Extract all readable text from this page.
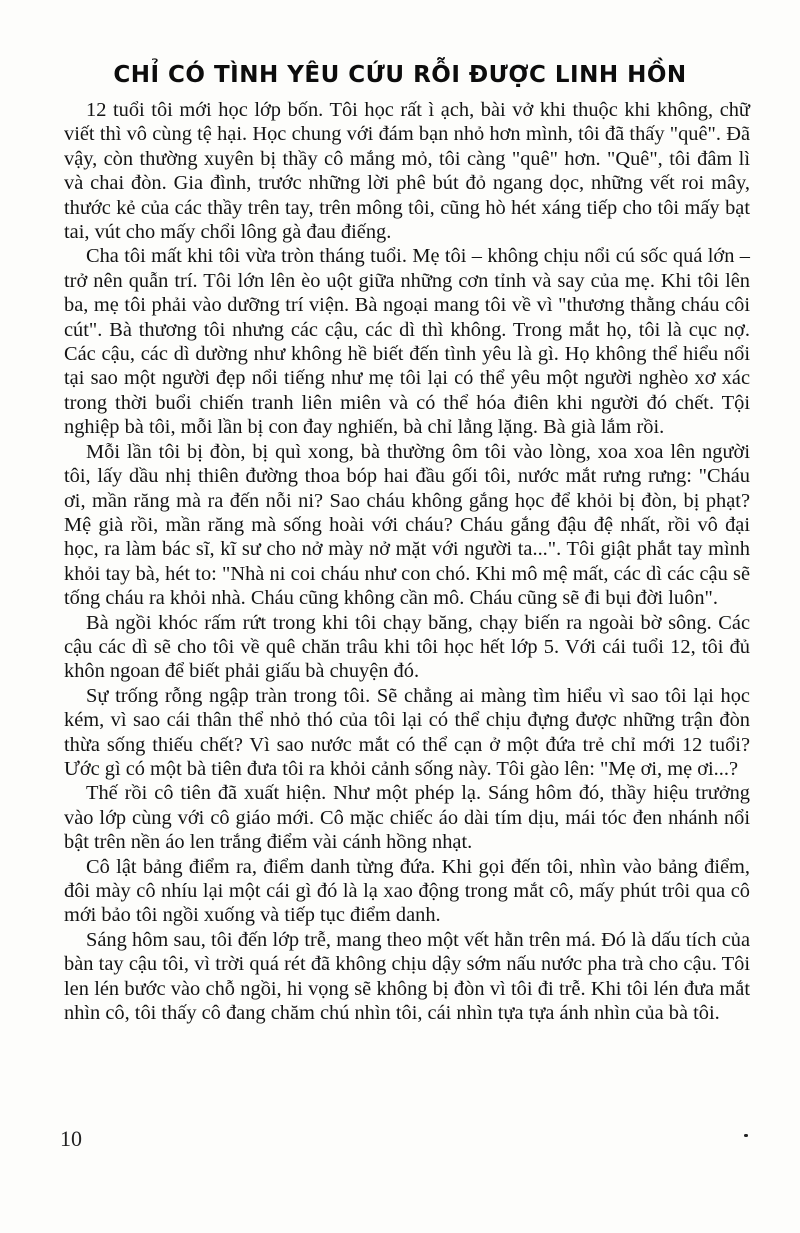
CHỈ CÓ TÌNH YÊU CỨU RỖI ĐƯỢC LINH HỒN

12 tuổi tôi mới học lớp bốn. Tôi học rất ì ạch, bài vở khi thuộc khi không, chữ viết thì vô cùng tệ hại. Học chung với đám bạn nhỏ hơn mình, tôi đã thấy "quê". Đã vậy, còn thường xuyên bị thầy cô mắng mỏ, tôi càng "quê" hơn. "Quê", tôi đâm lì và chai đòn. Gia đình, trước những lời phê bút đỏ ngang dọc, những vết roi mây, thước kẻ của các thầy trên tay, trên mông tôi, cũng hò hét xáng tiếp cho tôi mấy bạt tai, vút cho mấy chổi lông gà đau điếng.

Cha tôi mất khi tôi vừa tròn tháng tuổi. Mẹ tôi – không chịu nổi cú sốc quá lớn – trở nên quẫn trí. Tôi lớn lên èo uột giữa những cơn tỉnh và say của mẹ. Khi tôi lên ba, mẹ tôi phải vào dưỡng trí viện. Bà ngoại mang tôi về vì "thương thằng cháu côi cút". Bà thương tôi nhưng các cậu, các dì thì không. Trong mắt họ, tôi là cục nợ. Các cậu, các dì dường như không hề biết đến tình yêu là gì. Họ không thể hiểu nổi tại sao một người đẹp nổi tiếng như mẹ tôi lại có thể yêu một người nghèo xơ xác trong thời buổi chiến tranh liên miên và có thể hóa điên khi người đó chết. Tội nghiệp bà tôi, mỗi lần bị con đay nghiến, bà chỉ lẳng lặng. Bà già lắm rồi.

Mỗi lần tôi bị đòn, bị quì xong, bà thường ôm tôi vào lòng, xoa xoa lên người tôi, lấy dầu nhị thiên đường thoa bóp hai đầu gối tôi, nước mắt rưng rưng: "Cháu ơi, mần răng mà ra đến nỗi ni? Sao cháu không gắng học để khỏi bị đòn, bị phạt? Mệ già rồi, mần răng mà sống hoài với cháu? Cháu gắng đậu đệ nhất, rồi vô đại học, ra làm bác sĩ, kĩ sư cho nở mày nở mặt với người ta...". Tôi giật phắt tay mình khỏi tay bà, hét to: "Nhà ni coi cháu như con chó. Khi mô mệ mất, các dì các cậu sẽ tống cháu ra khỏi nhà. Cháu cũng không cần mô. Cháu cũng sẽ đi bụi đời luôn".

Bà ngồi khóc rấm rứt trong khi tôi chạy băng, chạy biến ra ngoài bờ sông. Các cậu các dì sẽ cho tôi về quê chăn trâu khi tôi học hết lớp 5. Với cái tuổi 12, tôi đủ khôn ngoan để biết phải giấu bà chuyện đó.

Sự trống rỗng ngập tràn trong tôi. Sẽ chẳng ai màng tìm hiểu vì sao tôi lại học kém, vì sao cái thân thể nhỏ thó của tôi lại có thể chịu đựng được những trận đòn thừa sống thiếu chết? Vì sao nước mắt có thể cạn ở một đứa trẻ chỉ mới 12 tuổi? Ước gì có một bà tiên đưa tôi ra khỏi cảnh sống này. Tôi gào lên: "Mẹ ơi, mẹ ơi...?

Thế rồi cô tiên đã xuất hiện. Như một phép lạ. Sáng hôm đó, thầy hiệu trưởng vào lớp cùng với cô giáo mới. Cô mặc chiếc áo dài tím dịu, mái tóc đen nhánh nổi bật trên nền áo len trắng điểm vài cánh hồng nhạt.

Cô lật bảng điểm ra, điểm danh từng đứa. Khi gọi đến tôi, nhìn vào bảng điểm, đôi mày cô nhíu lại một cái gì đó là lạ xao động trong mắt cô, mấy phút trôi qua cô mới bảo tôi ngồi xuống và tiếp tục điểm danh.

Sáng hôm sau, tôi đến lớp trễ, mang theo một vết hằn trên má. Đó là dấu tích của bàn tay cậu tôi, vì trời quá rét đã không chịu dậy sớm nấu nước pha trà cho cậu. Tôi len lén bước vào chỗ ngồi, hi vọng sẽ không bị đòn vì tôi đi trễ. Khi tôi lén đưa mắt nhìn cô, tôi thấy cô đang chăm chú nhìn tôi, cái nhìn tựa tựa ánh nhìn của bà tôi.

10
